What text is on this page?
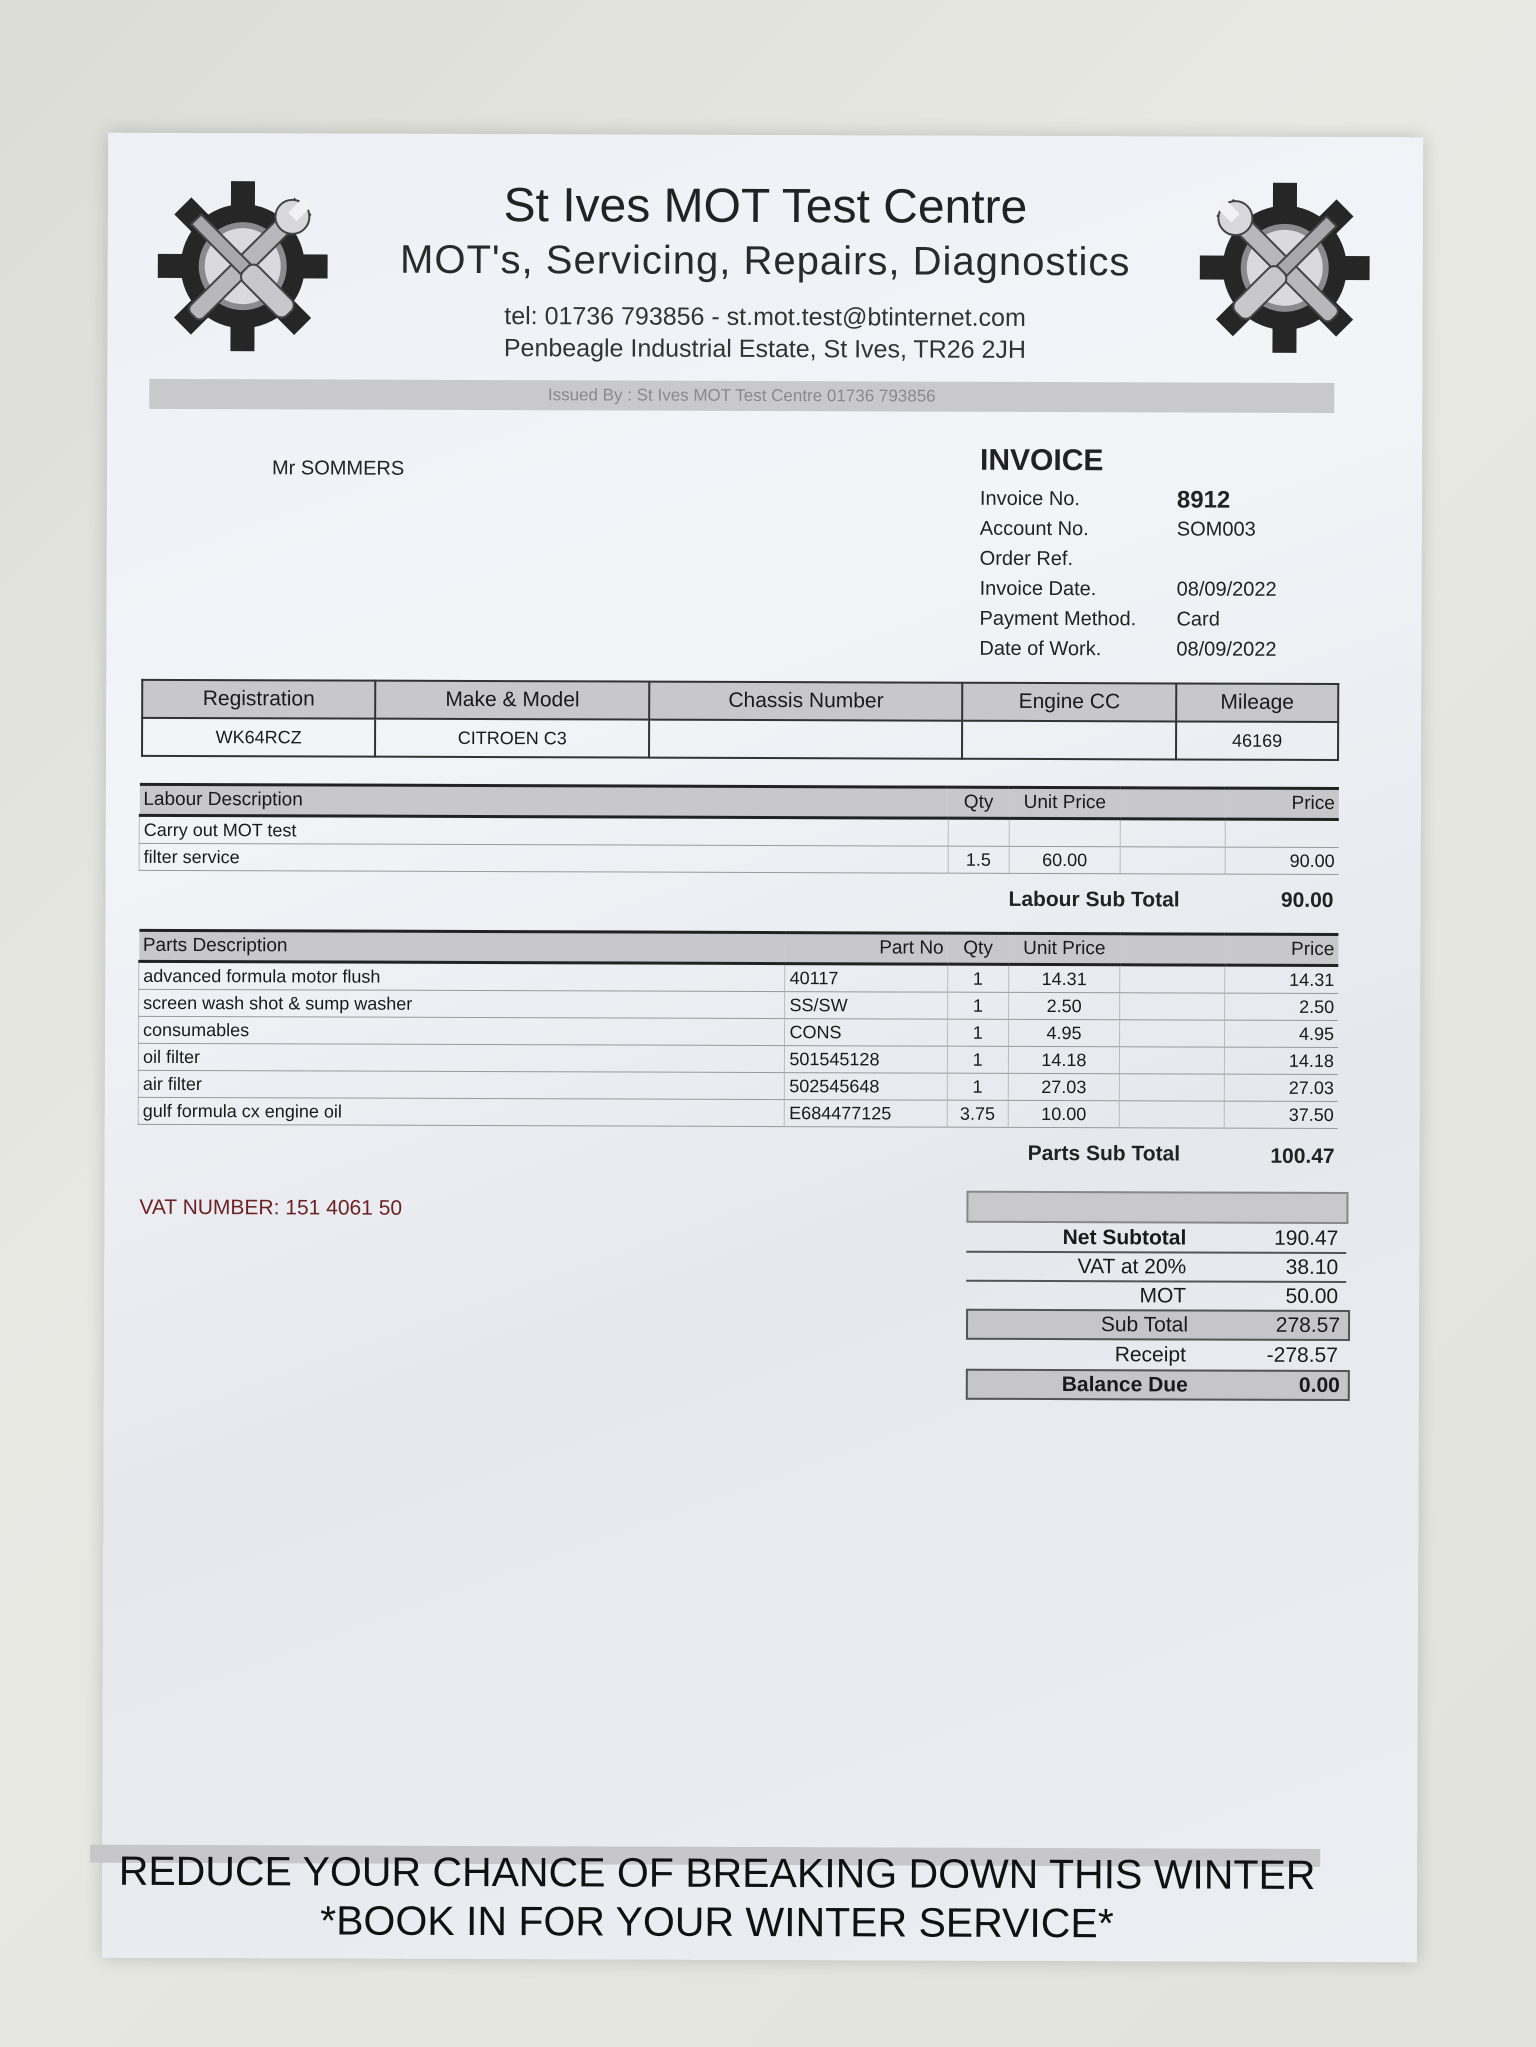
St Ives MOT Test Centre
MOT's, Servicing, Repairs, Diagnostics
tel: 01736 793856 - st.mot.test@btinternet.com
Penbeagle Industrial Estate, St Ives, TR26 2JH
Issued By : St Ives MOT Test Centre 01736 793856
Mr SOMMERS	INVOICE
Invoice No.	8912
Account No.	SOM003
Order Ref.
Invoice Date.	08/09/2022
Payment Method. Card
Date of Work.	08/09/2022
Registration	Make & Model	Chassis Number	Engine CC	Mileage
WK64RCZ	CITROEN C3			46169
Labour Description	Qty	Unit Price		Price
Carry out MOT test				
filter service	1.5	60.00		90.00
Labour Sub Total	90.00
Parts Description	Part No	Qty	Unit Price		Price
advanced formula motor flush	40117	1	14.31		14.31
screen wash shot & sump washer	SS/SW	1	2.50		2.50
consumables	CONS	1	4.95		4.95
oil filter	501545128	1	14.18		14.18
air filter	502545648	1	27.03		27.03
gulf formula cx engine oil	E684477125	3.75	10.00		37.50
Parts Sub Total	100.47
VAT NUMBER: 151 4061 50
Net Subtotal	190.47
VAT at 20%	38.10
MOT	50.00
Sub Total	278.57
Receipt	-278.57
Balance Due	0.00
REDUCE YOUR CHANCE OF BREAKING DOWN THIS WINTER
*BOOK IN FOR YOUR WINTER SERVICE*
